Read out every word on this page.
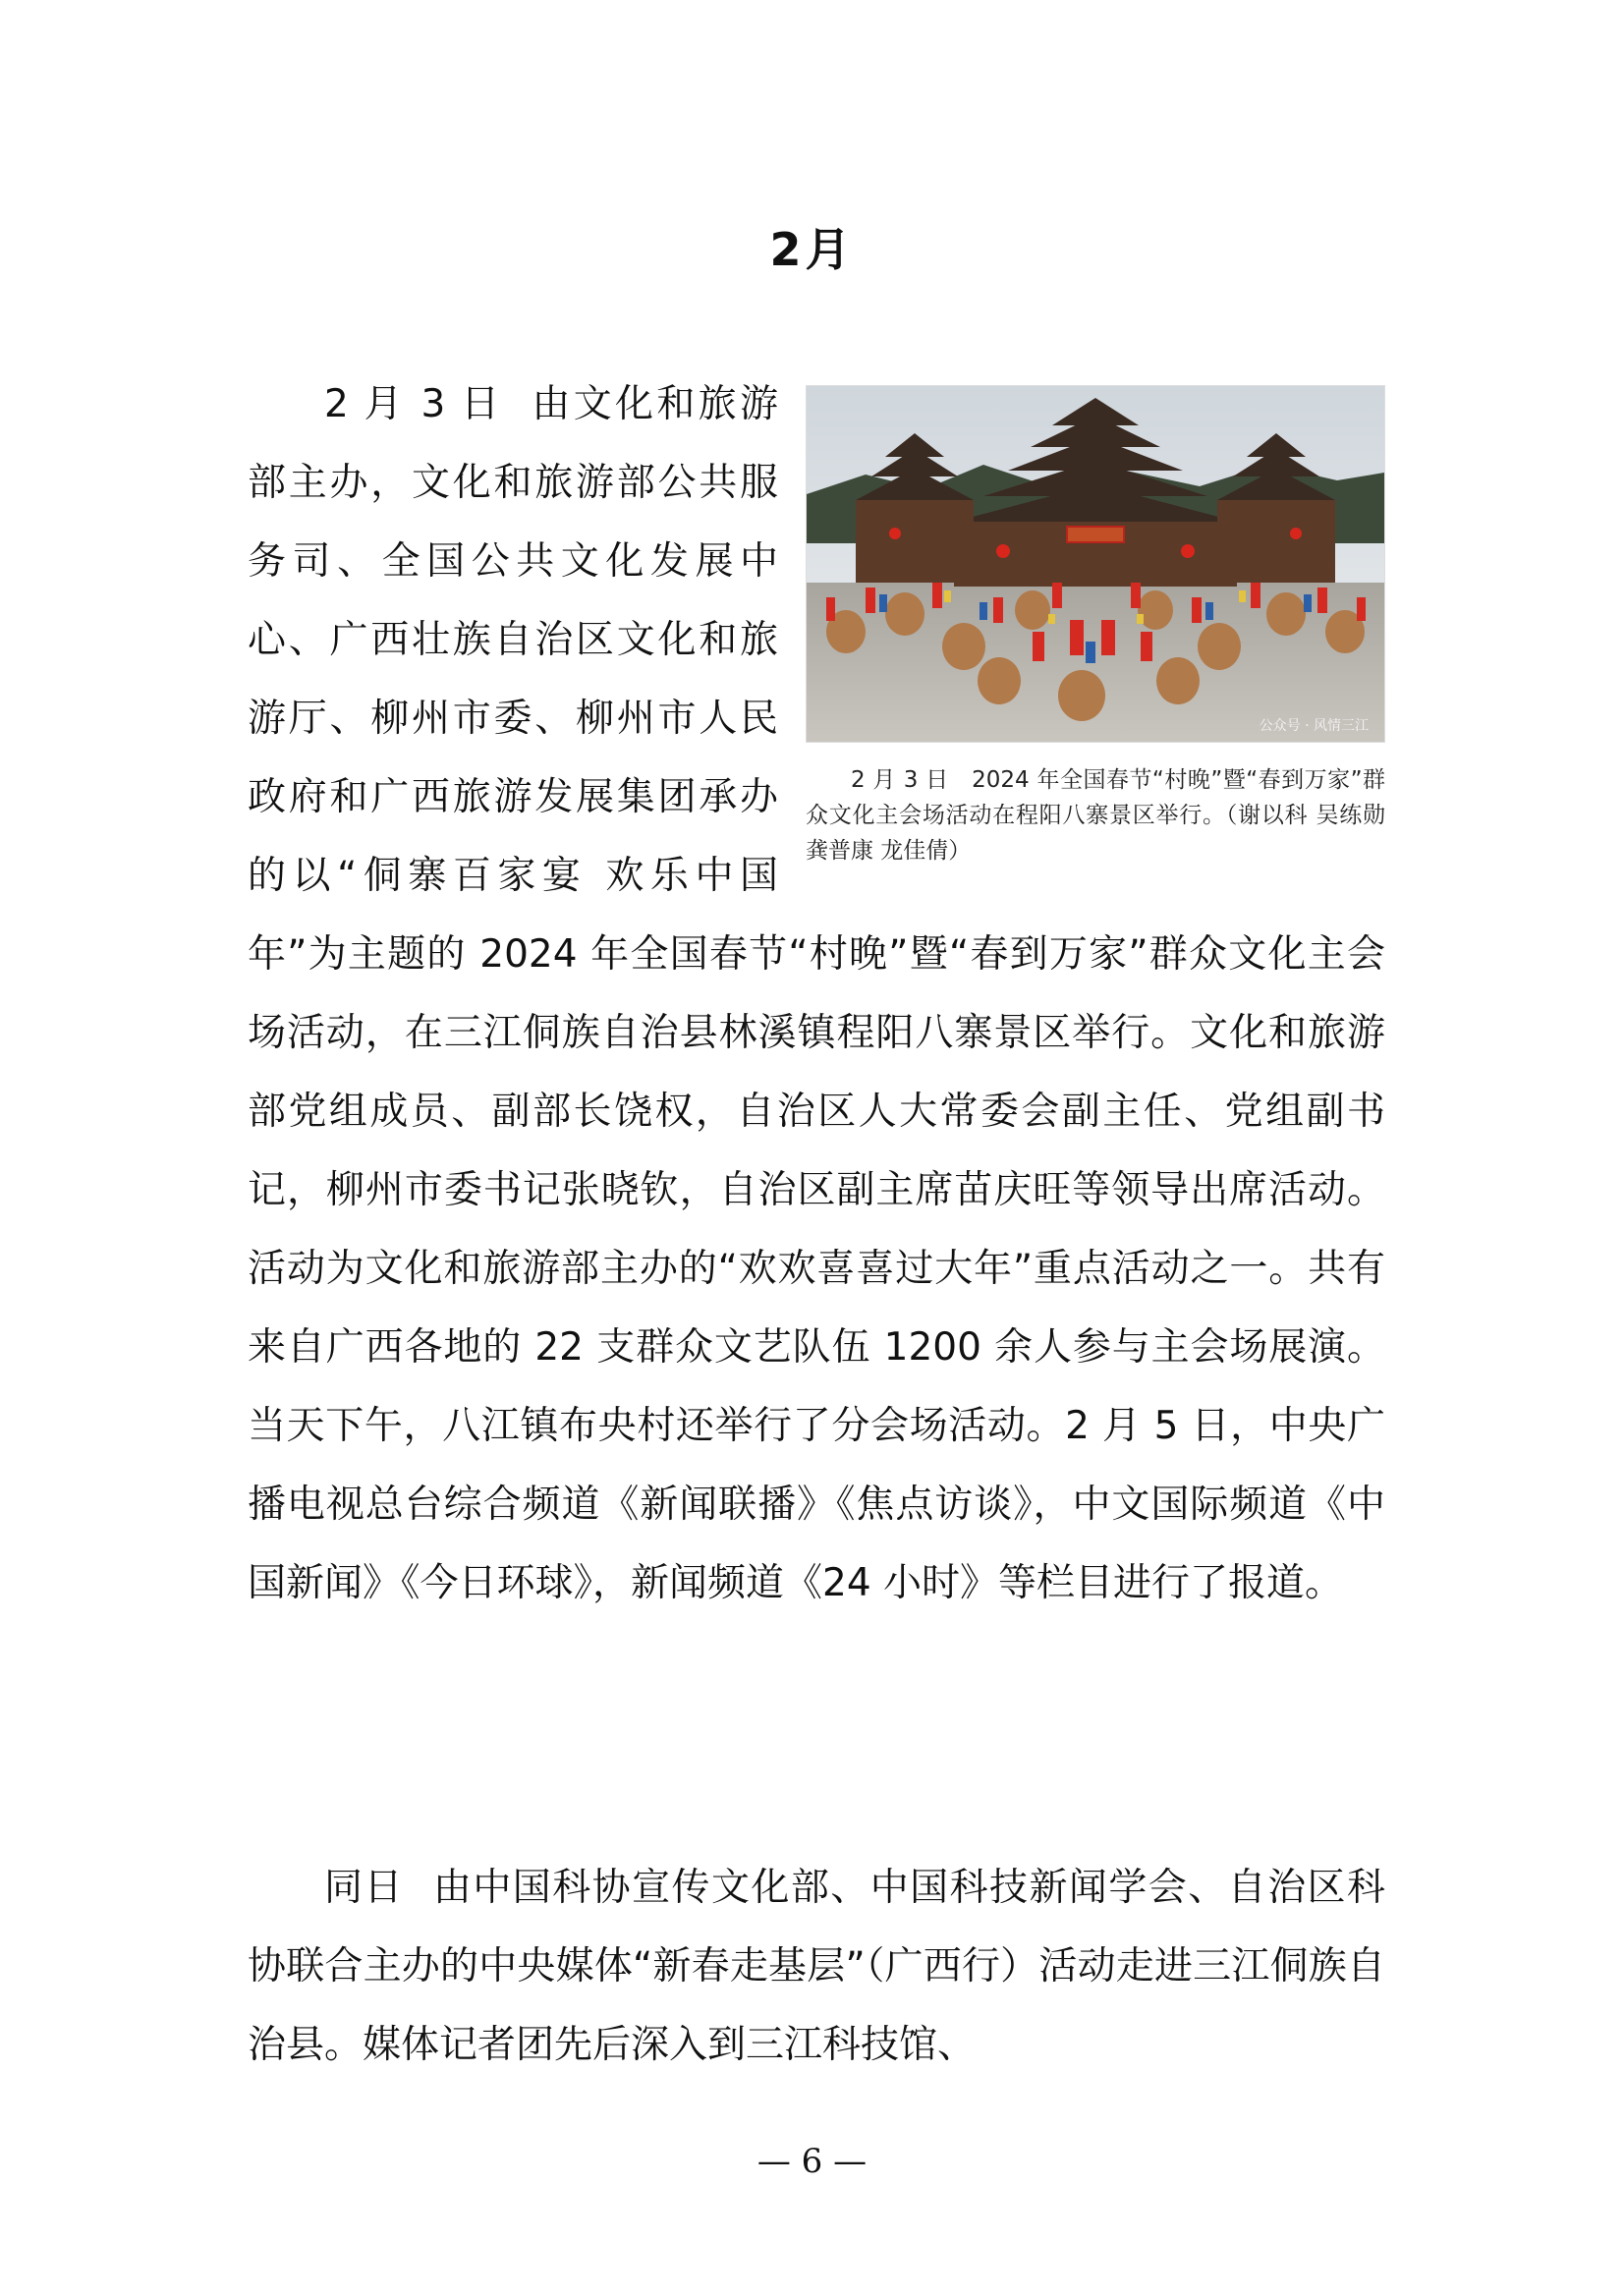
2月
公众号 · 风情三江
2 月 3 日　2024 年全国春节“村晚”暨“春到万家”群众文化主会场活动在程阳八寨景区举行。（谢以科 吴练勋 龚普康 龙佳倩）
2 月 3 日 由文化和旅游部主办，文化和旅游部公共服务司、全国公共文化发展中心、广西壮族自治区文化和旅游厅、柳州市委、柳州市人民政府和广西旅游发展集团承办的以“侗寨百家宴 欢乐中国年”为主题的 2024 年全国春节“村晚”暨“春到万家”群众文化主会场活动，在三江侗族自治县林溪镇程阳八寨景区举行。文化和旅游部党组成员、副部长饶权，自治区人大常委会副主任、党组副书记，柳州市委书记张晓钦，自治区副主席苗庆旺等领导出席活动。活动为文化和旅游部主办的“欢欢喜喜过大年”重点活动之一。共有来自广西各地的 22 支群众文艺队伍 1200 余人参与主会场展演。当天下午，八江镇布央村还举行了分会场活动。2 月 5 日，中央广播电视总台综合频道《新闻联播》《焦点访谈》，中文国际频道《中国新闻》《今日环球》，新闻频道《24 小时》等栏目进行了报道。
同日 由中国科协宣传文化部、中国科技新闻学会、自治区科协联合主办的中央媒体“新春走基层”（广西行）活动走进三江侗族自治县。媒体记者团先后深入到三江科技馆、
— 6 —
